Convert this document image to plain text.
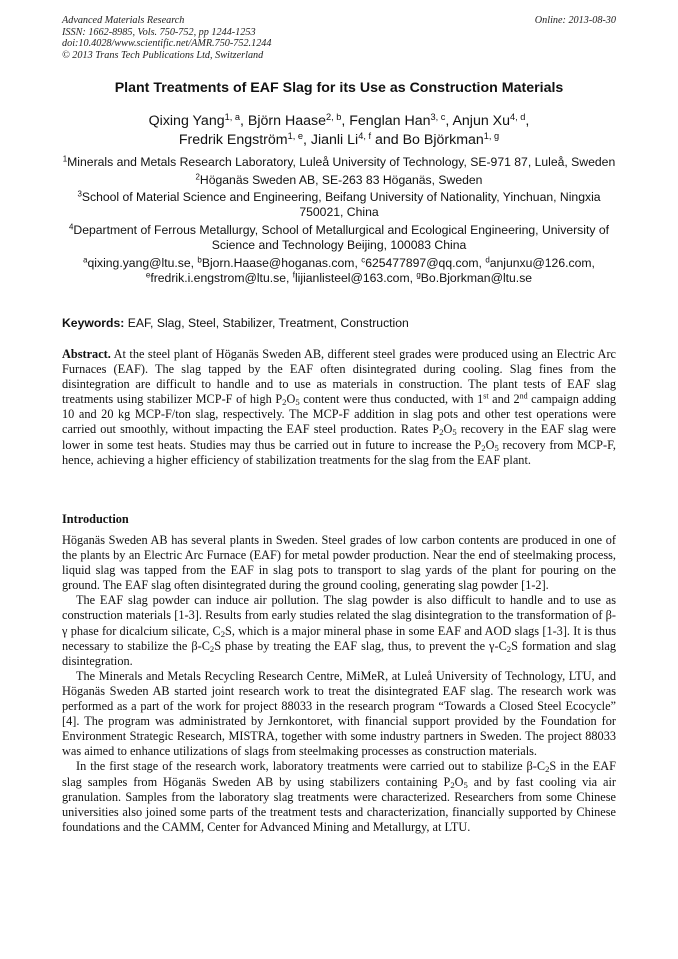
Advanced Materials Research
ISSN: 1662-8985, Vols. 750-752, pp 1244-1253
doi:10.4028/www.scientific.net/AMR.750-752.1244
© 2013 Trans Tech Publications Ltd, Switzerland
Online: 2013-08-30
Plant Treatments of EAF Slag for its Use as Construction Materials
Qixing Yang$^{1, a}$, Björn Haase$^{2, b}$, Fenglan Han$^{3, c}$, Anjun Xu$^{4, d}$,
Fredrik Engström$^{1, e}$, Jianli Li$^{4, f}$ and Bo Björkman$^{1, g}$

$^1$Minerals and Metals Research Laboratory, Luleå University of Technology, SE-971 87, Luleå, Sweden

$^2$Höganäs Sweden AB, SE-263 83 Höganäs, Sweden

$^3$School of Material Science and Engineering, Beifang University of Nationality, Yinchuan, Ningxia 750021, China

$^4$Department of Ferrous Metallurgy, School of Metallurgical and Ecological Engineering, University of Science and Technology Beijing, 100083 China

$^a$qixing.yang@ltu.se, $^b$Bjorn.Haase@hoganas.com, $^c$625477897@qq.com, $^d$anjunxu@126.com,
$^e$fredrik.i.engstrom@ltu.se, $^f$lijianlisteel@163.com, $^g$Bo.Bjorkman@ltu.se

Keywords: EAF, Slag, Steel, Stabilizer, Treatment, Construction
Abstract. At the steel plant of Höganäs Sweden AB, different steel grades were produced using an Electric Arc Furnaces (EAF). The slag tapped by the EAF often disintegrated during cooling. Slag fines from the disintegration are difficult to handle and to use as materials in construction. The plant tests of EAF slag treatments using stabilizer MCP-F of high $P_2O_5$ content were thus conducted, with 1st and 2nd campaign adding 10 and 20 kg MCP-F/ton slag, respectively. The MCP-F addition in slag pots and other test operations were carried out smoothly, without impacting the EAF steel production. Rates $P_2O_5$ recovery in the EAF slag were lower in some test heats. Studies may thus be carried out in future to increase the $P_2O_5$ recovery from MCP-F, hence, achieving a higher efficiency of stabilization treatments for the slag from the EAF plant.
Introduction

Höganäs Sweden AB has several plants in Sweden. Steel grades of low carbon contents are produced in one of the plants by an Electric Arc Furnace (EAF) for metal powder production. Near the end of steelmaking process, liquid slag was tapped from the EAF in slag pots to transport to slag yards of the plant for pouring on the ground. The EAF slag often disintegrated during the ground cooling, generating slag powder [1-2].

The EAF slag powder can induce air pollution. The slag powder is also difficult to handle and to use as construction materials [1-3]. Results from early studies related the slag disintegration to the transformation of β-γ phase for dicalcium silicate, $C_2S$, which is a major mineral phase in some EAF and AOD slags [1-3]. It is thus necessary to stabilize the $\beta-C_2S$ phase by treating the EAF slag, thus, to prevent the $\gamma-C_2S$ formation and slag disintegration.

The Minerals and Metals Recycling Research Centre, MiMeR, at Luleå University of Technology, LTU, and Höganäs Sweden AB started joint research work to treat the disintegrated EAF slag. The research work was performed as a part of the work for project 88033 in the research program “Towards a Closed Steel Ecocycle” [4]. The program was administrated by Jernkontoret, with financial support provided by the Foundation for Environment Strategic Research, MISTRA, together with some industry partners in Sweden. The project 88033 was aimed to enhance utilizations of slags from steelmaking processes as construction materials.

In the first stage of the research work, laboratory treatments were carried out to stabilize $\beta-C_2S$ in the EAF slag samples from Höganäs Sweden AB by using stabilizers containing $P_2O_5$ and by fast cooling via air granulation. Samples from the laboratory slag treatments were characterized. Researchers from some Chinese universities also joined some parts of the treatment tests and characterization, financially supported by Chinese foundations and the CAMM, Center for Advanced Mining and Metallurgy, at LTU.
